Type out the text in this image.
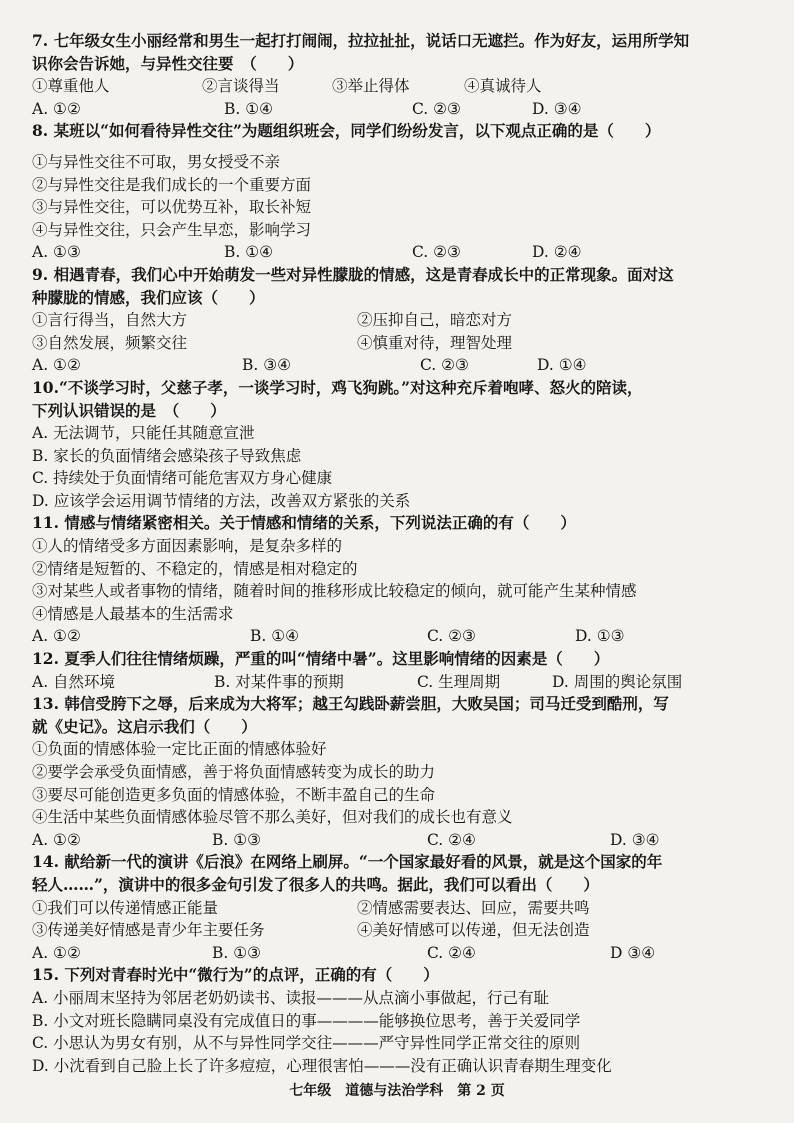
7. 七年级女生小丽经常和男生一起打打闹闹，拉拉扯扯，说话口无遮拦。作为好友，运用所学知
识你会告诉她，与异性交往要　（　　）
①尊重他人	②言谈得当	③举止得体	④真诚待人
A. ①②	B. ①④	C. ②③	D. ③④
8. 某班以“如何看待异性交往”为题组织班会，同学们纷纷发言，以下观点正确的是（　　）
①与异性交往不可取，男女授受不亲
②与异性交往是我们成长的一个重要方面
③与异性交往，可以优势互补，取长补短
④与异性交往，只会产生早恋，影响学习
A. ①③	B. ①④	C. ②③	D. ②④
9. 相遇青春，我们心中开始萌发一些对异性朦胧的情感，这是青春成长中的正常现象。面对这
种朦胧的情感，我们应该（　　）
①言行得当，自然大方	②压抑自己，暗恋对方
③自然发展，频繁交往	④慎重对待，理智处理
A. ①②	B. ③④	C. ②③	D. ①④
10.“不谈学习时，父慈子孝，一谈学习时，鸡飞狗跳。”对这种充斥着咆哮、怒火的陪读，
下列认识错误的是　（　　）
A. 无法调节，只能任其随意宣泄
B. 家长的负面情绪会感染孩子导致焦虑
C. 持续处于负面情绪可能危害双方身心健康
D. 应该学会运用调节情绪的方法，改善双方紧张的关系
11. 情感与情绪紧密相关。关于情感和情绪的关系，下列说法正确的有（　　）
①人的情绪受多方面因素影响，是复杂多样的
②情绪是短暂的、不稳定的，情感是相对稳定的
③对某些人或者事物的情绪，随着时间的推移形成比较稳定的倾向，就可能产生某种情感
④情感是人最基本的生活需求
A. ①②	B. ①④	C. ②③	D. ①③
12. 夏季人们往往情绪烦躁，严重的叫“情绪中暑”。这里影响情绪的因素是（　　）
A. 自然环境	B. 对某件事的预期	C. 生理周期	D. 周围的舆论氛围
13. 韩信受胯下之辱，后来成为大将军；越王勾践卧薪尝胆，大败吴国；司马迁受到酷刑，写
就《史记》。这启示我们（　　）
①负面的情感体验一定比正面的情感体验好
②要学会承受负面情感，善于将负面情感转变为成长的助力
③要尽可能创造更多负面的情感体验，不断丰盈自己的生命
④生活中某些负面情感体验尽管不那么美好，但对我们的成长也有意义
A. ①②	B. ①③	C. ②④	D. ③④
14. 献给新一代的演讲《后浪》在网络上刷屏。“一个国家最好看的风景，就是这个国家的年
轻人……”，演讲中的很多金句引发了很多人的共鸣。据此，我们可以看出（　　）
①我们可以传递情感正能量	②情感需要表达、回应，需要共鸣
③传递美好情感是青少年主要任务	④美好情感可以传递，但无法创造
A. ①②	B. ①③	C. ②④	D ③④
15. 下列对青春时光中“微行为”的点评，正确的有（　　）
A. 小丽周末坚持为邻居老奶奶读书、读报———从点滴小事做起，行己有耻
B. 小文对班长隐瞒同桌没有完成值日的事————能够换位思考，善于关爱同学
C. 小思认为男女有别，从不与异性同学交往———严守异性同学正常交往的原则
D. 小沈看到自己脸上长了许多痘痘，心理很害怕———没有正确认识青春期生理变化
七年级　道德与法治学科　第 2 页
